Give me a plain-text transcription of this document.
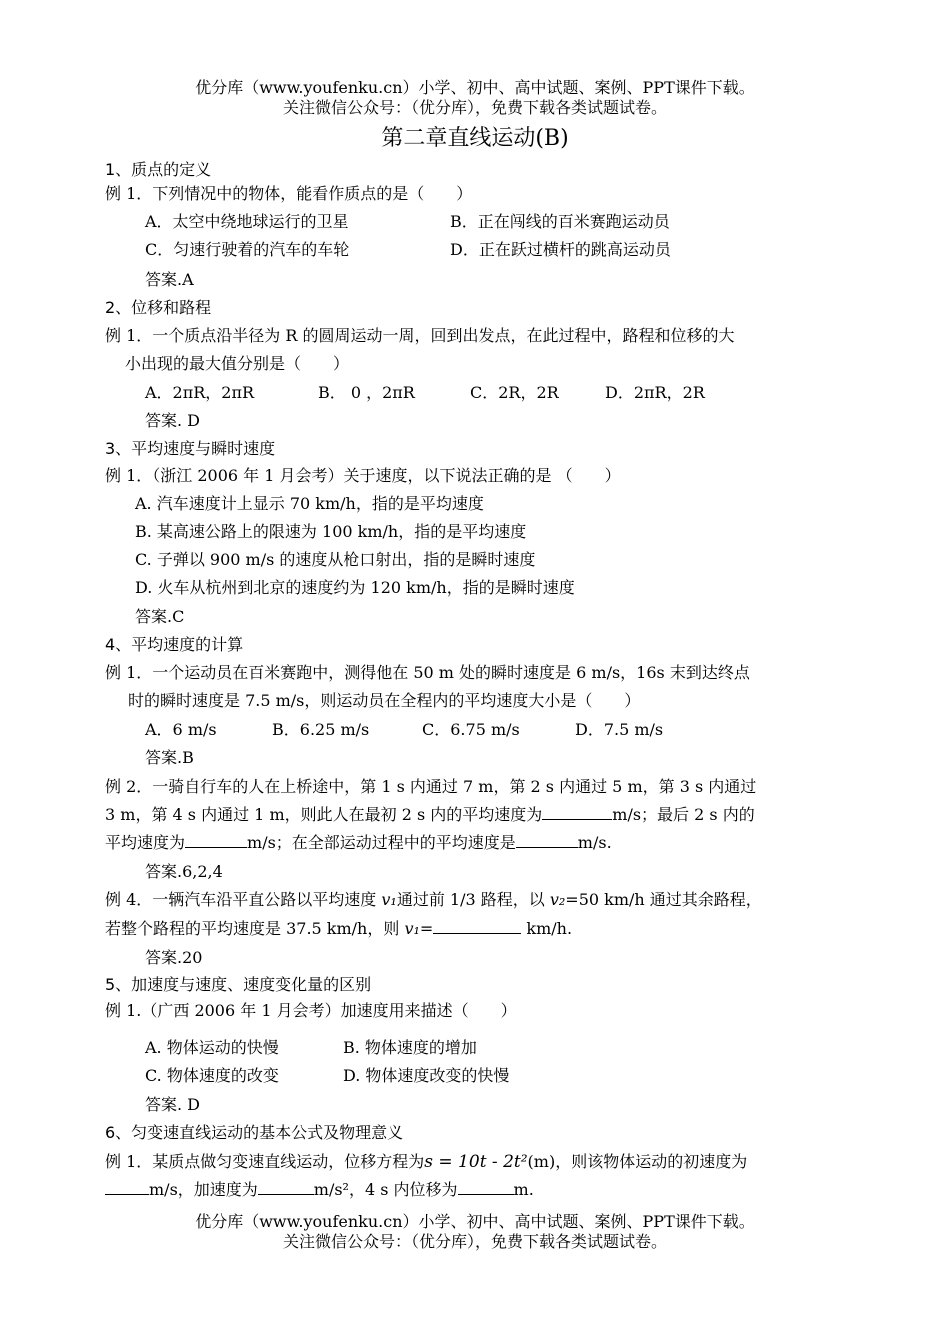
优分库（www.youfenku.cn）小学、初中、高中试题、案例、PPT课件下载。
关注微信公众号：（优分库），免费下载各类试题试卷。
第二章直线运动(B)
1、质点的定义
例 1．下列情况中的物体，能看作质点的是（　　）
A．太空中绕地球运行的卫星	B．正在闯线的百米赛跑运动员
C．匀速行驶着的汽车的车轮	D．正在跃过横杆的跳高运动员
答案.A
2、位移和路程
例 1．一个质点沿半径为 R 的圆周运动一周，回到出发点，在此过程中，路程和位移的大
小出现的最大值分别是（　　）
A．2πR，2πR	B． 0 ，2πR	C．2R，2R	D．2πR，2R
答案. D
3、平均速度与瞬时速度
例 1．（浙江 2006 年 1 月会考）关于速度，以下说法正确的是 （　　）
A. 汽车速度计上显示 70 km/h，指的是平均速度
B. 某高速公路上的限速为 100 km/h，指的是平均速度
C. 子弹以 900 m/s 的速度从枪口射出，指的是瞬时速度
D. 火车从杭州到北京的速度约为 120 km/h，指的是瞬时速度
答案.C
4、平均速度的计算
例 1．一个运动员在百米赛跑中，测得他在 50 m 处的瞬时速度是 6 m/s，16s 末到达终点
时的瞬时速度是 7.5 m/s，则运动员在全程内的平均速度大小是（　　）
A．6 m/s	B．6.25 m/s	C．6.75 m/s	D．7.5 m/s
答案.B
例 2．一骑自行车的人在上桥途中，第 1 s 内通过 7 m，第 2 s 内通过 5 m，第 3 s 内通过
3 m，第 4 s 内通过 1 m，则此人在最初 2 s 内的平均速度为	m/s；最后 2 s 内的
平均速度为	m/s；在全部运动过程中的平均速度是	m/s.
答案.6,2,4
例 4．一辆汽车沿平直公路以平均速度 v₁通过前 1/3 路程，以 v₂=50 km/h 通过其余路程，
若整个路程的平均速度是 37.5 km/h，则 v₁=	km/h.
答案.20
5、加速度与速度、速度变化量的区别
例 1.（广西 2006 年 1 月会考）加速度用来描述（　　）
A. 物体运动的快慢	B. 物体速度的增加
C. 物体速度的改变	D. 物体速度改变的快慢
答案. D
6、匀变速直线运动的基本公式及物理意义
例 1．某质点做匀变速直线运动，位移方程为s = 10t - 2t²(m)，则该物体运动的初速度为
m/s，加速度为	m/s²，4 s 内位移为	m.
优分库（www.youfenku.cn）小学、初中、高中试题、案例、PPT课件下载。
关注微信公众号：（优分库），免费下载各类试题试卷。
